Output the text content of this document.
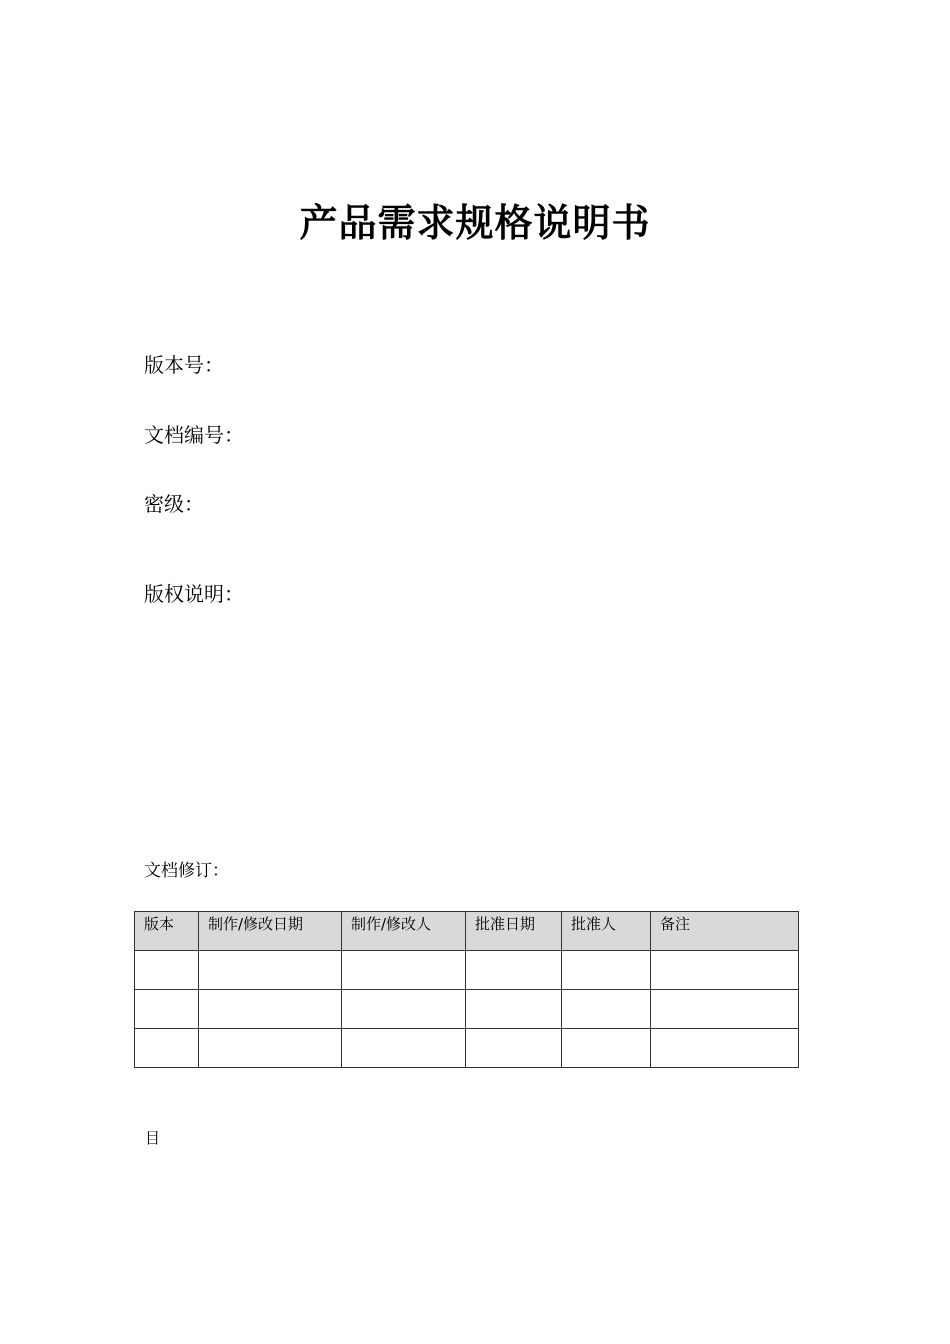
产品需求规格说明书
版本号：
文档编号：
密级：
版权说明：
文档修订：
版本	制作/修改日期	制作/修改人	批准日期	批准人	备注

目
